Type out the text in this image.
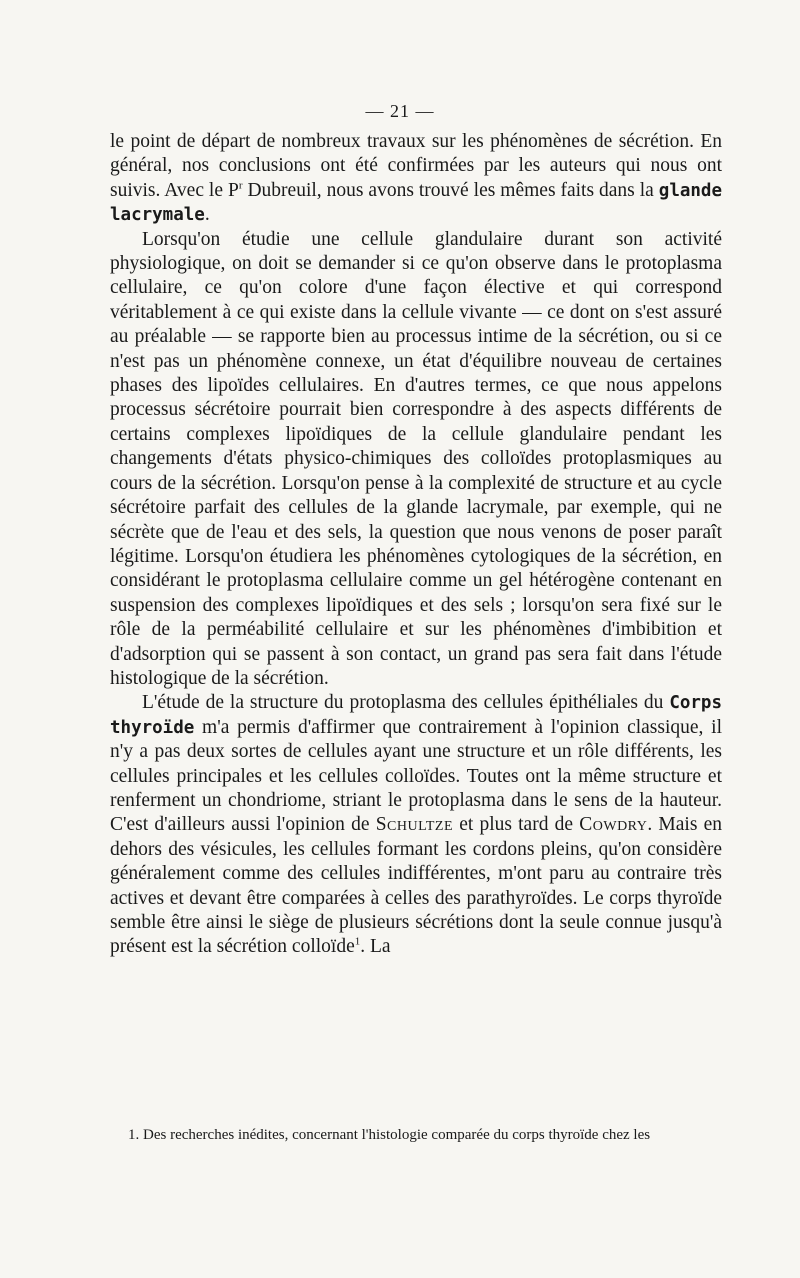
— 21 —

le point de départ de nombreux travaux sur les phénomènes de sécrétion. En général, nos conclusions ont été confirmées par les auteurs qui nous ont suivis. Avec le $P^r$ Dubreuil, nous avons trouvé les mêmes faits dans la glande lacrymale.

Lorsqu'on étudie une cellule glandulaire durant son activité physiologique, on doit se demander si ce qu'on observe dans le protoplasma cellulaire, ce qu'on colore d'une façon élective et qui correspond véritablement à ce qui existe dans la cellule vivante — ce dont on s'est assuré au préalable — se rapporte bien au processus intime de la sécrétion, ou si ce n'est pas un phénomène connexe, un état d'équilibre nouveau de certaines phases des lipoïdes cellulaires. En d'autres termes, ce que nous appelons processus sécrétoire pourrait bien correspondre à des aspects différents de certains complexes lipoïdiques de la cellule glandulaire pendant les changements d'états physico-chimiques des colloïdes protoplasmiques au cours de la sécrétion. Lorsqu'on pense à la complexité de structure et au cycle sécrétoire parfait des cellules de la glande lacrymale, par exemple, qui ne sécrète que de l'eau et des sels, la question que nous venons de poser paraît légitime. Lorsqu'on étudiera les phénomènes cytologiques de la sécrétion, en considérant le protoplasma cellulaire comme un gel hétérogène contenant en suspension des complexes lipoïdiques et des sels ; lorsqu'on sera fixé sur le rôle de la perméabilité cellulaire et sur les phénomènes d'imbibition et d'adsorption qui se passent à son contact, un grand pas sera fait dans l'étude histologique de la sécrétion.

L'étude de la structure du protoplasma des cellules épithéliales du Corps thyroïde m'a permis d'affirmer que contrairement à l'opinion classique, il n'y a pas deux sortes de cellules ayant une structure et un rôle différents, les cellules principales et les cellules colloïdes. Toutes ont la même structure et renferment un chondriome, striant le protoplasma dans le sens de la hauteur. C'est d'ailleurs aussi l'opinion de Schultze et plus tard de Cowdry. Mais en dehors des vésicules, les cellules formant les cordons pleins, qu'on considère généralement comme des cellules indifférentes, m'ont paru au contraire très actives et devant être comparées à celles des parathyroïdes. Le corps thyroïde semble être ainsi le siège de plusieurs sécrétions dont la seule connue jusqu'à présent est la sécrétion colloïde$^1$. La

1. Des recherches inédites, concernant l'histologie comparée du corps thyroïde chez les
